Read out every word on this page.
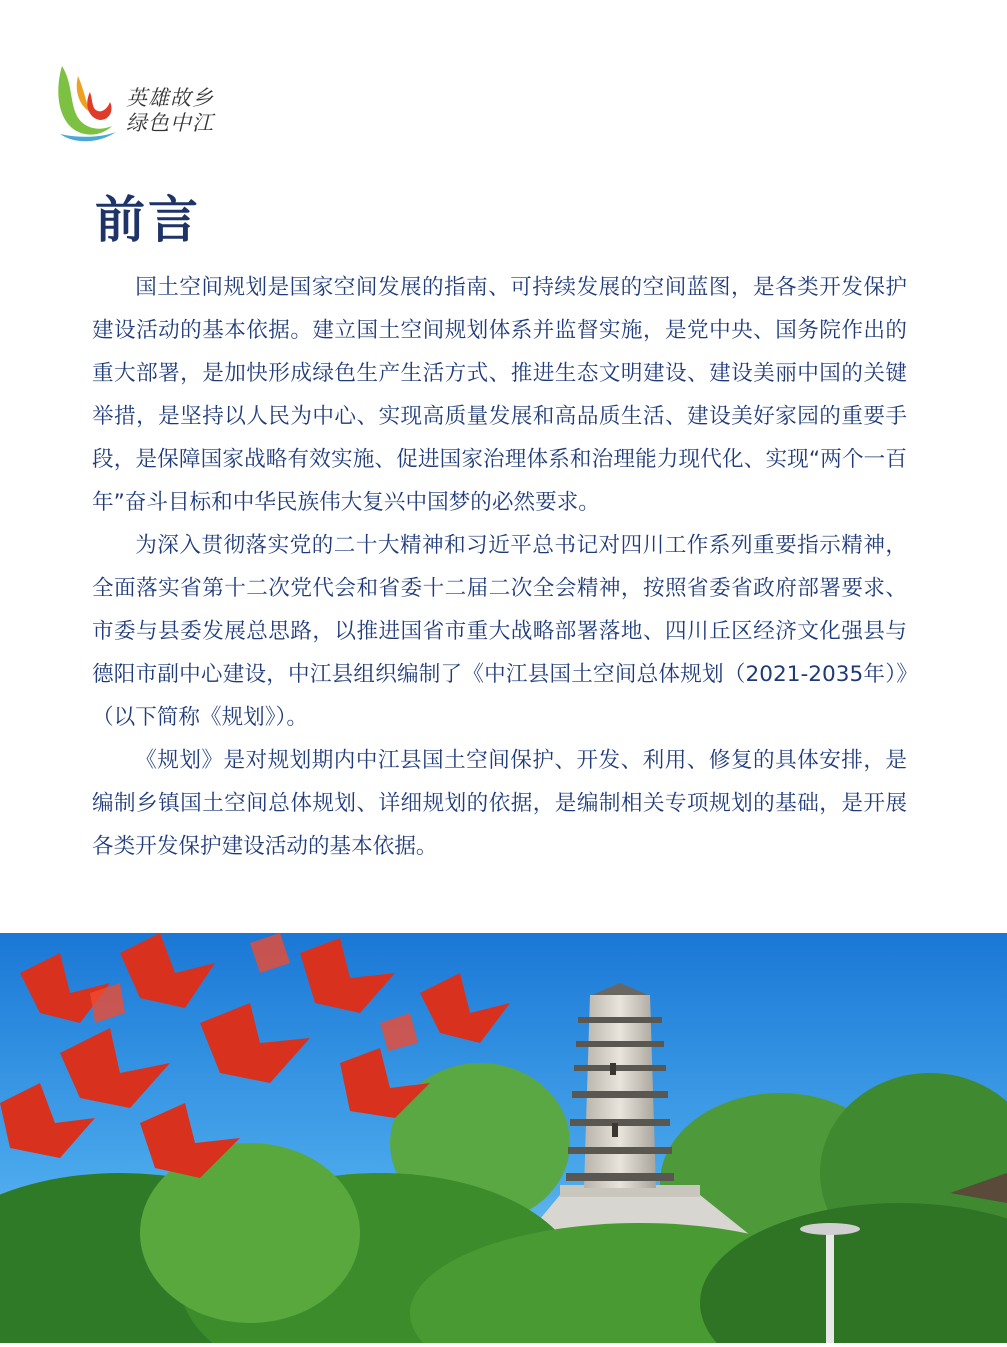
英雄故乡
绿色中江
前言

国土空间规划是国家空间发展的指南、可持续发展的空间蓝图，是各类开发保护建设活动的基本依据。建立国土空间规划体系并监督实施，是党中央、国务院作出的重大部署，是加快形成绿色生产生活方式、推进生态文明建设、建设美丽中国的关键举措，是坚持以人民为中心、实现高质量发展和高品质生活、建设美好家园的重要手段，是保障国家战略有效实施、促进国家治理体系和治理能力现代化、实现“两个一百年”奋斗目标和中华民族伟大复兴中国梦的必然要求。

为深入贯彻落实党的二十大精神和习近平总书记对四川工作系列重要指示精神，全面落实省第十二次党代会和省委十二届二次全会精神，按照省委省政府部署要求、市委与县委发展总思路，以推进国省市重大战略部署落地、四川丘区经济文化强县与德阳市副中心建设，中江县组织编制了《中江县国土空间总体规划（2021-2035年）》（以下简称《规划》）。

《规划》是对规划期内中江县国土空间保护、开发、利用、修复的具体安排，是编制乡镇国土空间总体规划、详细规划的依据，是编制相关专项规划的基础，是开展各类开发保护建设活动的基本依据。
